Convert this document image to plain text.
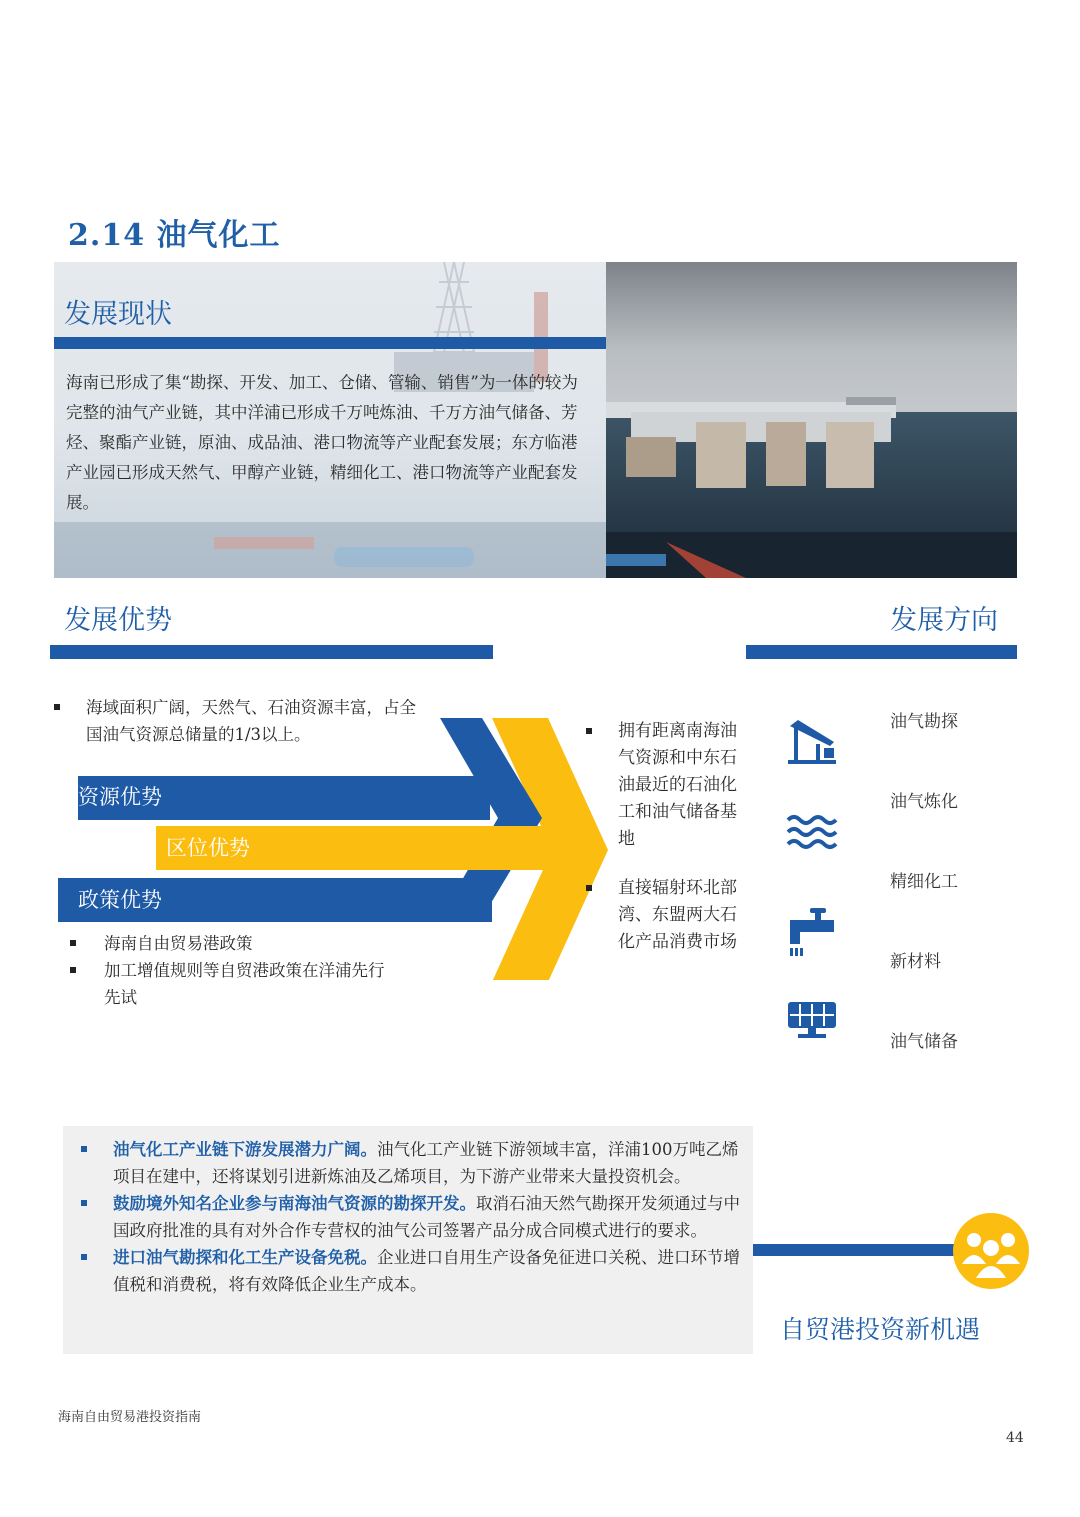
2.14 油气化工
发展现状
海南已形成了集“勘探、开发、加工、仓储、管输、销售”为一体的较为完整的油气产业链，其中洋浦已形成千万吨炼油、千万方油气储备、芳烃、聚酯产业链，原油、成品油、港口物流等产业配套发展；东方临港产业园已形成天然气、甲醇产业链，精细化工、港口物流等产业配套发展。
发展优势	发展方向
资源优势
区位优势
政策优势
海域面积广阔，天然气、石油资源丰富，占全国油气资源总储量的1/3以上。
海南自由贸易港政策
加工增值规则等自贸港政策在洋浦先行先试
拥有距离南海油气资源和中东石油最近的石油化工和油气储备基地
直接辐射环北部湾、东盟两大石化产品消费市场
油气勘探
油气炼化
精细化工
新材料
油气储备
油气化工产业链下游发展潜力广阔。油气化工产业链下游领域丰富，洋浦100万吨乙烯项目在建中，还将谋划引进新炼油及乙烯项目，为下游产业带来大量投资机会。
鼓励境外知名企业参与南海油气资源的勘探开发。取消石油天然气勘探开发须通过与中国政府批准的具有对外合作专营权的油气公司签署产品分成合同模式进行的要求。
进口油气勘探和化工生产设备免税。企业进口自用生产设备免征进口关税、进口环节增值税和消费税，将有效降低企业生产成本。
自贸港投资新机遇
海南自由贸易港投资指南
44
